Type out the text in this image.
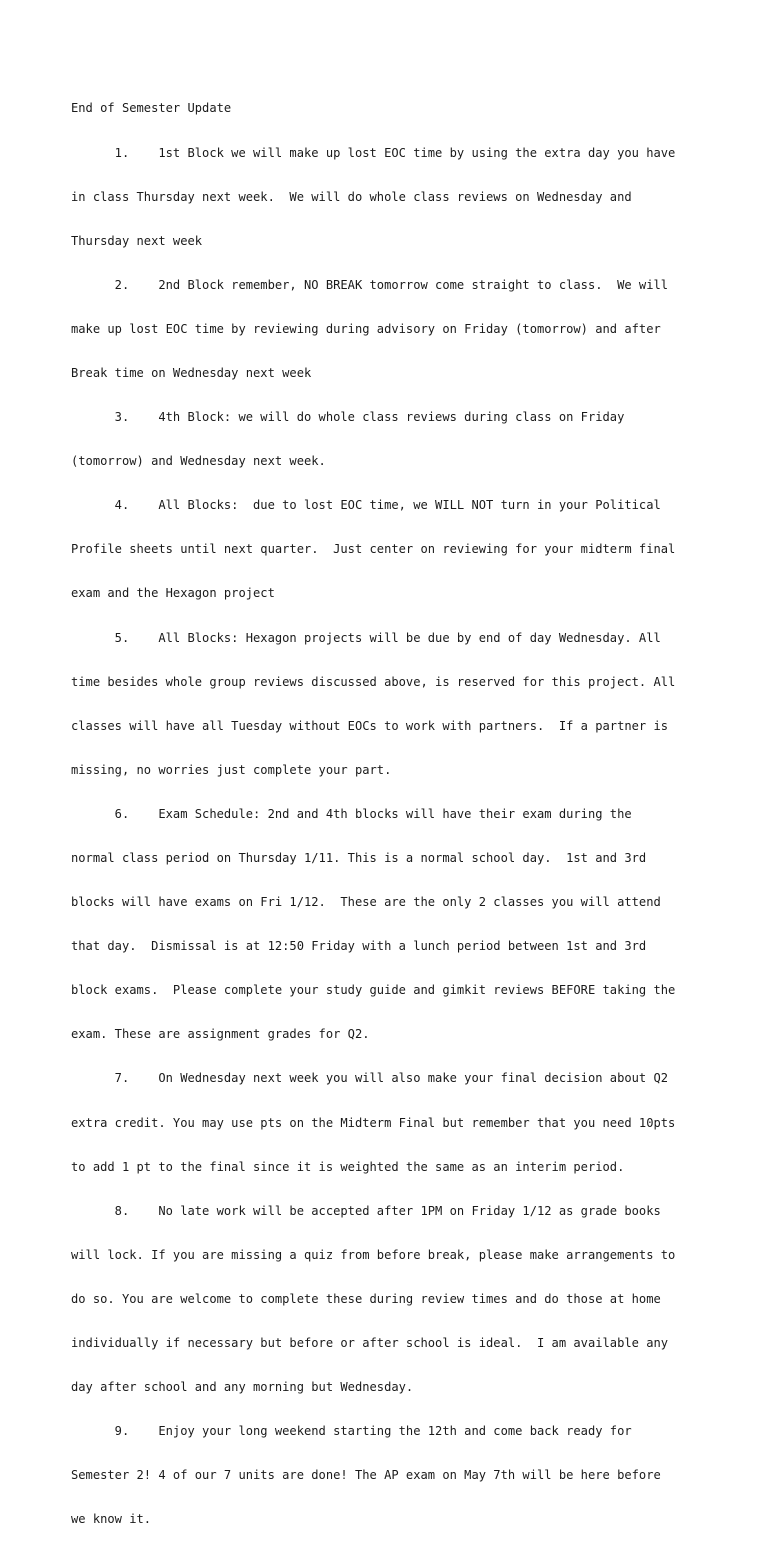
End of Semester Update

1.    1st Block we will make up lost EOC time by using the extra day you have

in class Thursday next week.  We will do whole class reviews on Wednesday and

Thursday next week

2.    2nd Block remember, NO BREAK tomorrow come straight to class.  We will

make up lost EOC time by reviewing during advisory on Friday (tomorrow) and after

Break time on Wednesday next week

3.    4th Block: we will do whole class reviews during class on Friday

(tomorrow) and Wednesday next week.

4.    All Blocks:  due to lost EOC time, we WILL NOT turn in your Political

Profile sheets until next quarter.  Just center on reviewing for your midterm final

exam and the Hexagon project

5.    All Blocks: Hexagon projects will be due by end of day Wednesday. All

time besides whole group reviews discussed above, is reserved for this project. All

classes will have all Tuesday without EOCs to work with partners.  If a partner is

missing, no worries just complete your part.

6.    Exam Schedule: 2nd and 4th blocks will have their exam during the

normal class period on Thursday 1/11. This is a normal school day.  1st and 3rd

blocks will have exams on Fri 1/12.  These are the only 2 classes you will attend

that day.  Dismissal is at 12:50 Friday with a lunch period between 1st and 3rd

block exams.  Please complete your study guide and gimkit reviews BEFORE taking the

exam. These are assignment grades for Q2.

7.    On Wednesday next week you will also make your final decision about Q2

extra credit. You may use pts on the Midterm Final but remember that you need 10pts

to add 1 pt to the final since it is weighted the same as an interim period.

8.    No late work will be accepted after 1PM on Friday 1/12 as grade books

will lock. If you are missing a quiz from before break, please make arrangements to

do so. You are welcome to complete these during review times and do those at home

individually if necessary but before or after school is ideal.  I am available any

day after school and any morning but Wednesday.

9.    Enjoy your long weekend starting the 12th and come back ready for

Semester 2! 4 of our 7 units are done! The AP exam on May 7th will be here before

we know it.
